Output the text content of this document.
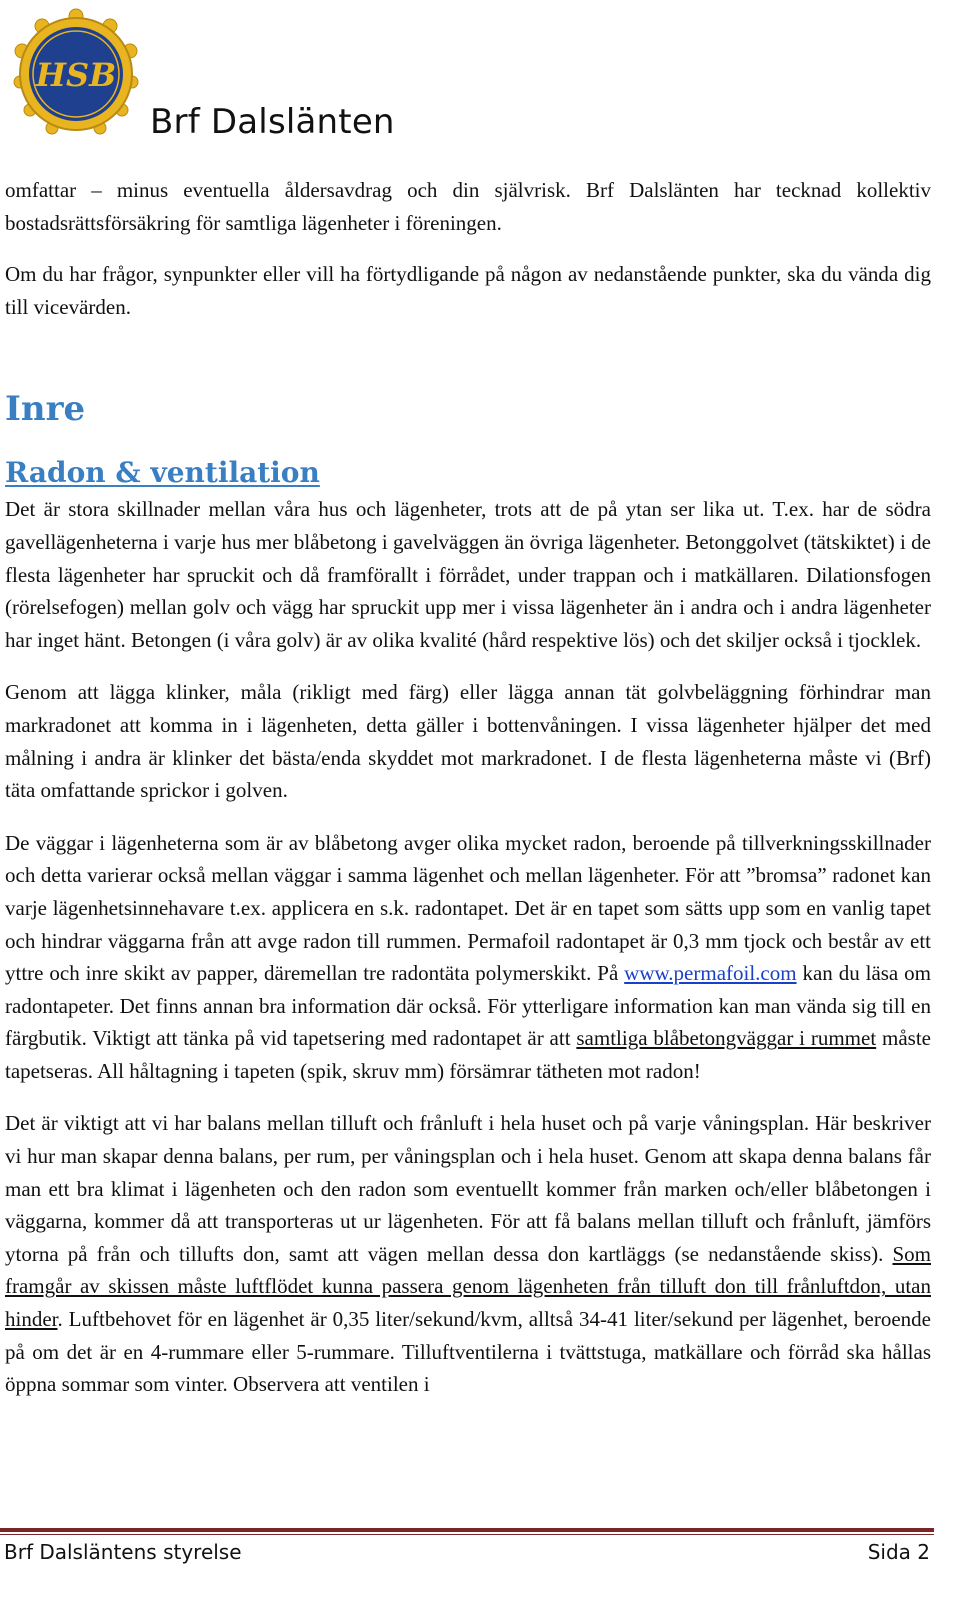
HSB
Brf Dalslänten

omfattar – minus eventuella åldersavdrag och din självrisk. Brf Dalslänten har tecknad kollektiv bostadsrättsförsäkring för samtliga lägenheter i föreningen.

Om du har frågor, synpunkter eller vill ha förtydligande på någon av nedanstående punkter, ska du vända dig till vicevärden.

Inre
Radon & ventilation

Det är stora skillnader mellan våra hus och lägenheter, trots att de på ytan ser lika ut. T.ex. har de södra gavellägenheterna i varje hus mer blåbetong i gavelväggen än övriga lägenheter. Betonggolvet (tätskiktet) i de flesta lägenheter har spruckit och då framförallt i förrådet, under trappan och i matkällaren. Dilationsfogen (rörelsefogen) mellan golv och vägg har spruckit upp mer i vissa lägenheter än i andra och i andra lägenheter har inget hänt. Betongen (i våra golv) är av olika kvalité (hård respektive lös) och det skiljer också i tjocklek.

Genom att lägga klinker, måla (rikligt med färg) eller lägga annan tät golvbeläggning förhindrar man markradonet att komma in i lägenheten, detta gäller i bottenvåningen. I vissa lägenheter hjälper det med målning i andra är klinker det bästa/enda skyddet mot markradonet. I de flesta lägenheterna måste vi (Brf) täta omfattande sprickor i golven.

De väggar i lägenheterna som är av blåbetong avger olika mycket radon, beroende på tillverkningsskillnader och detta varierar också mellan väggar i samma lägenhet och mellan lägenheter. För att ”bromsa” radonet kan varje lägenhetsinnehavare t.ex. applicera en s.k. radontapet. Det är en tapet som sätts upp som en vanlig tapet och hindrar väggarna från att avge radon till rummen. Permafoil radontapet är 0,3 mm tjock och består av ett yttre och inre skikt av papper, däremellan tre radontäta polymerskikt. På www.permafoil.com kan du läsa om radontapeter. Det finns annan bra information där också. För ytterligare information kan man vända sig till en färgbutik. Viktigt att tänka på vid tapetsering med radontapet är att samtliga blåbetongväggar i rummet måste tapetseras. All håltagning i tapeten (spik, skruv mm) försämrar tätheten mot radon!

Det är viktigt att vi har balans mellan tilluft och frånluft i hela huset och på varje våningsplan. Här beskriver vi hur man skapar denna balans, per rum, per våningsplan och i hela huset. Genom att skapa denna balans får man ett bra klimat i lägenheten och den radon som eventuellt kommer från marken och/eller blåbetongen i väggarna, kommer då att transporteras ut ur lägenheten. För att få balans mellan tilluft och frånluft, jämförs ytorna på från och tillufts don, samt att vägen mellan dessa don kartläggs (se nedanstående skiss). Som framgår av skissen måste luftflödet kunna passera genom lägenheten från tilluft don till frånluftdon, utan hinder. Luftbehovet för en lägenhet är 0,35 liter/sekund/kvm, alltså 34-41 liter/sekund per lägenhet, beroende på om det är en 4-rummare eller 5-rummare. Tilluftventilerna i tvättstuga, matkällare och förråd ska hållas öppna sommar som vinter. Observera att ventilen i

Brf Dalsläntens styrelse	Sida 2
